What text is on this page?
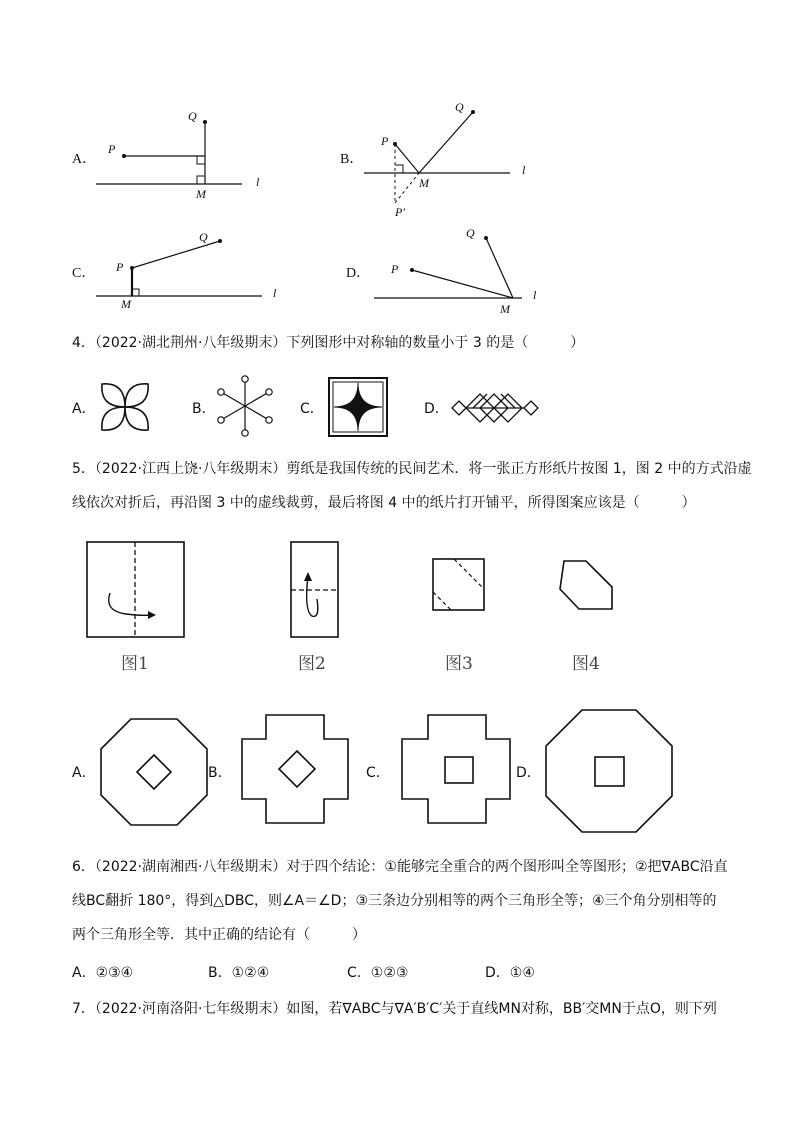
A．
P
Q
M
l
B．
P
Q
M
P′
l
C． P
Q
M
l
D． P
Q
M
l
4．（2022·湖北荆州·八年级期末）下列图形中对称轴的数量小于 3 的是（　　　）
A．	B．	C．	D．
5．（2022·江西上饶·八年级期末）剪纸是我国传统的民间艺术．将一张正方形纸片按图 1，图 2 中的方式沿虚线依次对折后，再沿图 3 中的虚线裁剪，最后将图 4 中的纸片打开铺平，所得图案应该是（　　　）
图1	图2	图3	图4
A．	B．	C．	D．
6．（2022·湖南湘西·八年级期末）对于四个结论：①能够完全重合的两个图形叫全等图形；②把∇ABC沿直
线BC翻折 180°，得到△DBC，则∠A＝∠D；③三条边分别相等的两个三角形全等；④三个角分别相等的
两个三角形全等．其中正确的结论有（　　　）
A．②③④	B．①②④	C．①②③	D．①④
7．（2022·河南洛阳·七年级期末）如图，若∇ABC与∇A′B′C′关于直线MN对称，BB′交MN于点O，则下列
